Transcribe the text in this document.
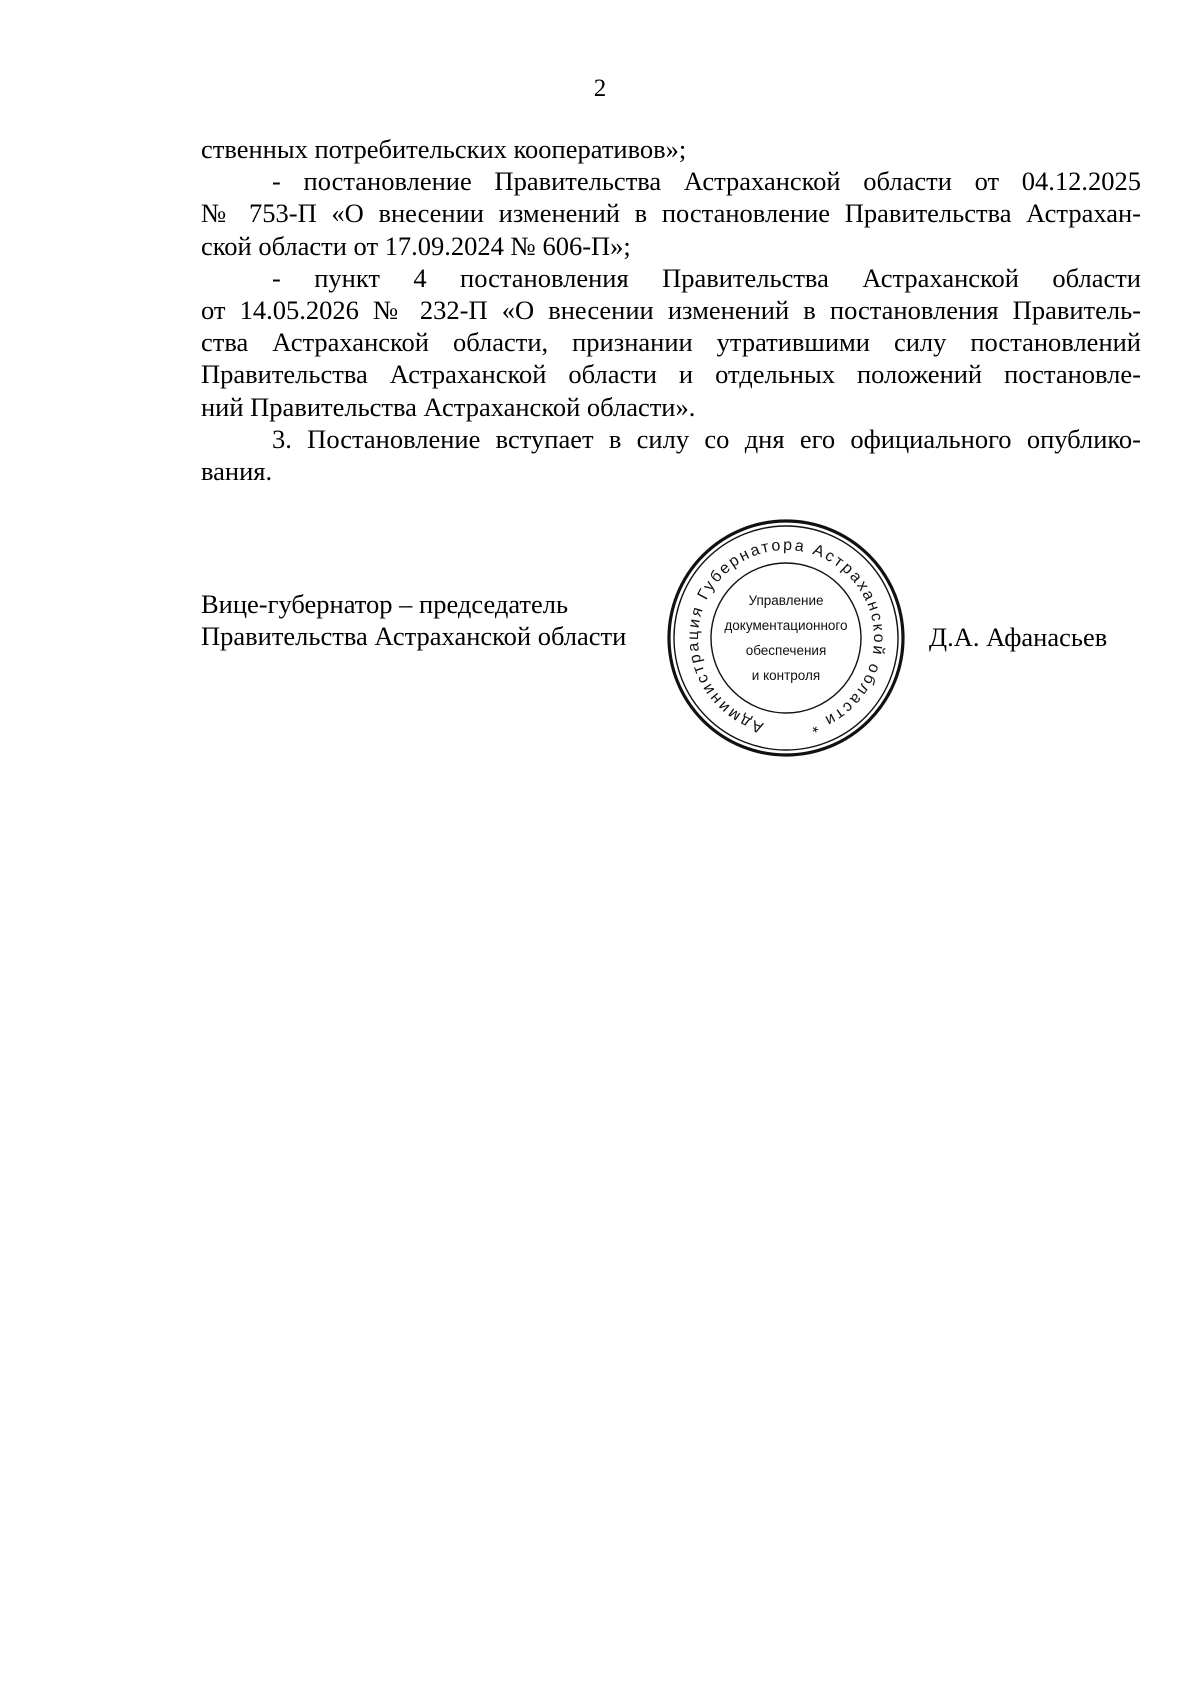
2
ственных потребительских кооперативов»;
- постановление Правительства Астраханской области от 04.12.2025
№ 753-П «О внесении изменений в постановление Правительства Астрахан-
ской области от 17.09.2024 № 606-П»;
- пункт 4 постановления Правительства Астраханской области
от 14.05.2026 № 232-П «О внесении изменений в постановления Правитель-
ства Астраханской области, признании утратившими силу постановлений
Правительства Астраханской области и отдельных положений постановле-
ний Правительства Астраханской области».
3. Постановление вступает в силу со дня его официального опублико-
вания.
Вице-губернатор – председатель
Правительства Астраханской области
Администрация Губернатора Астраханской области *
Управление
документационного
обеспечения
и контроля
Д.А. Афанасьев
